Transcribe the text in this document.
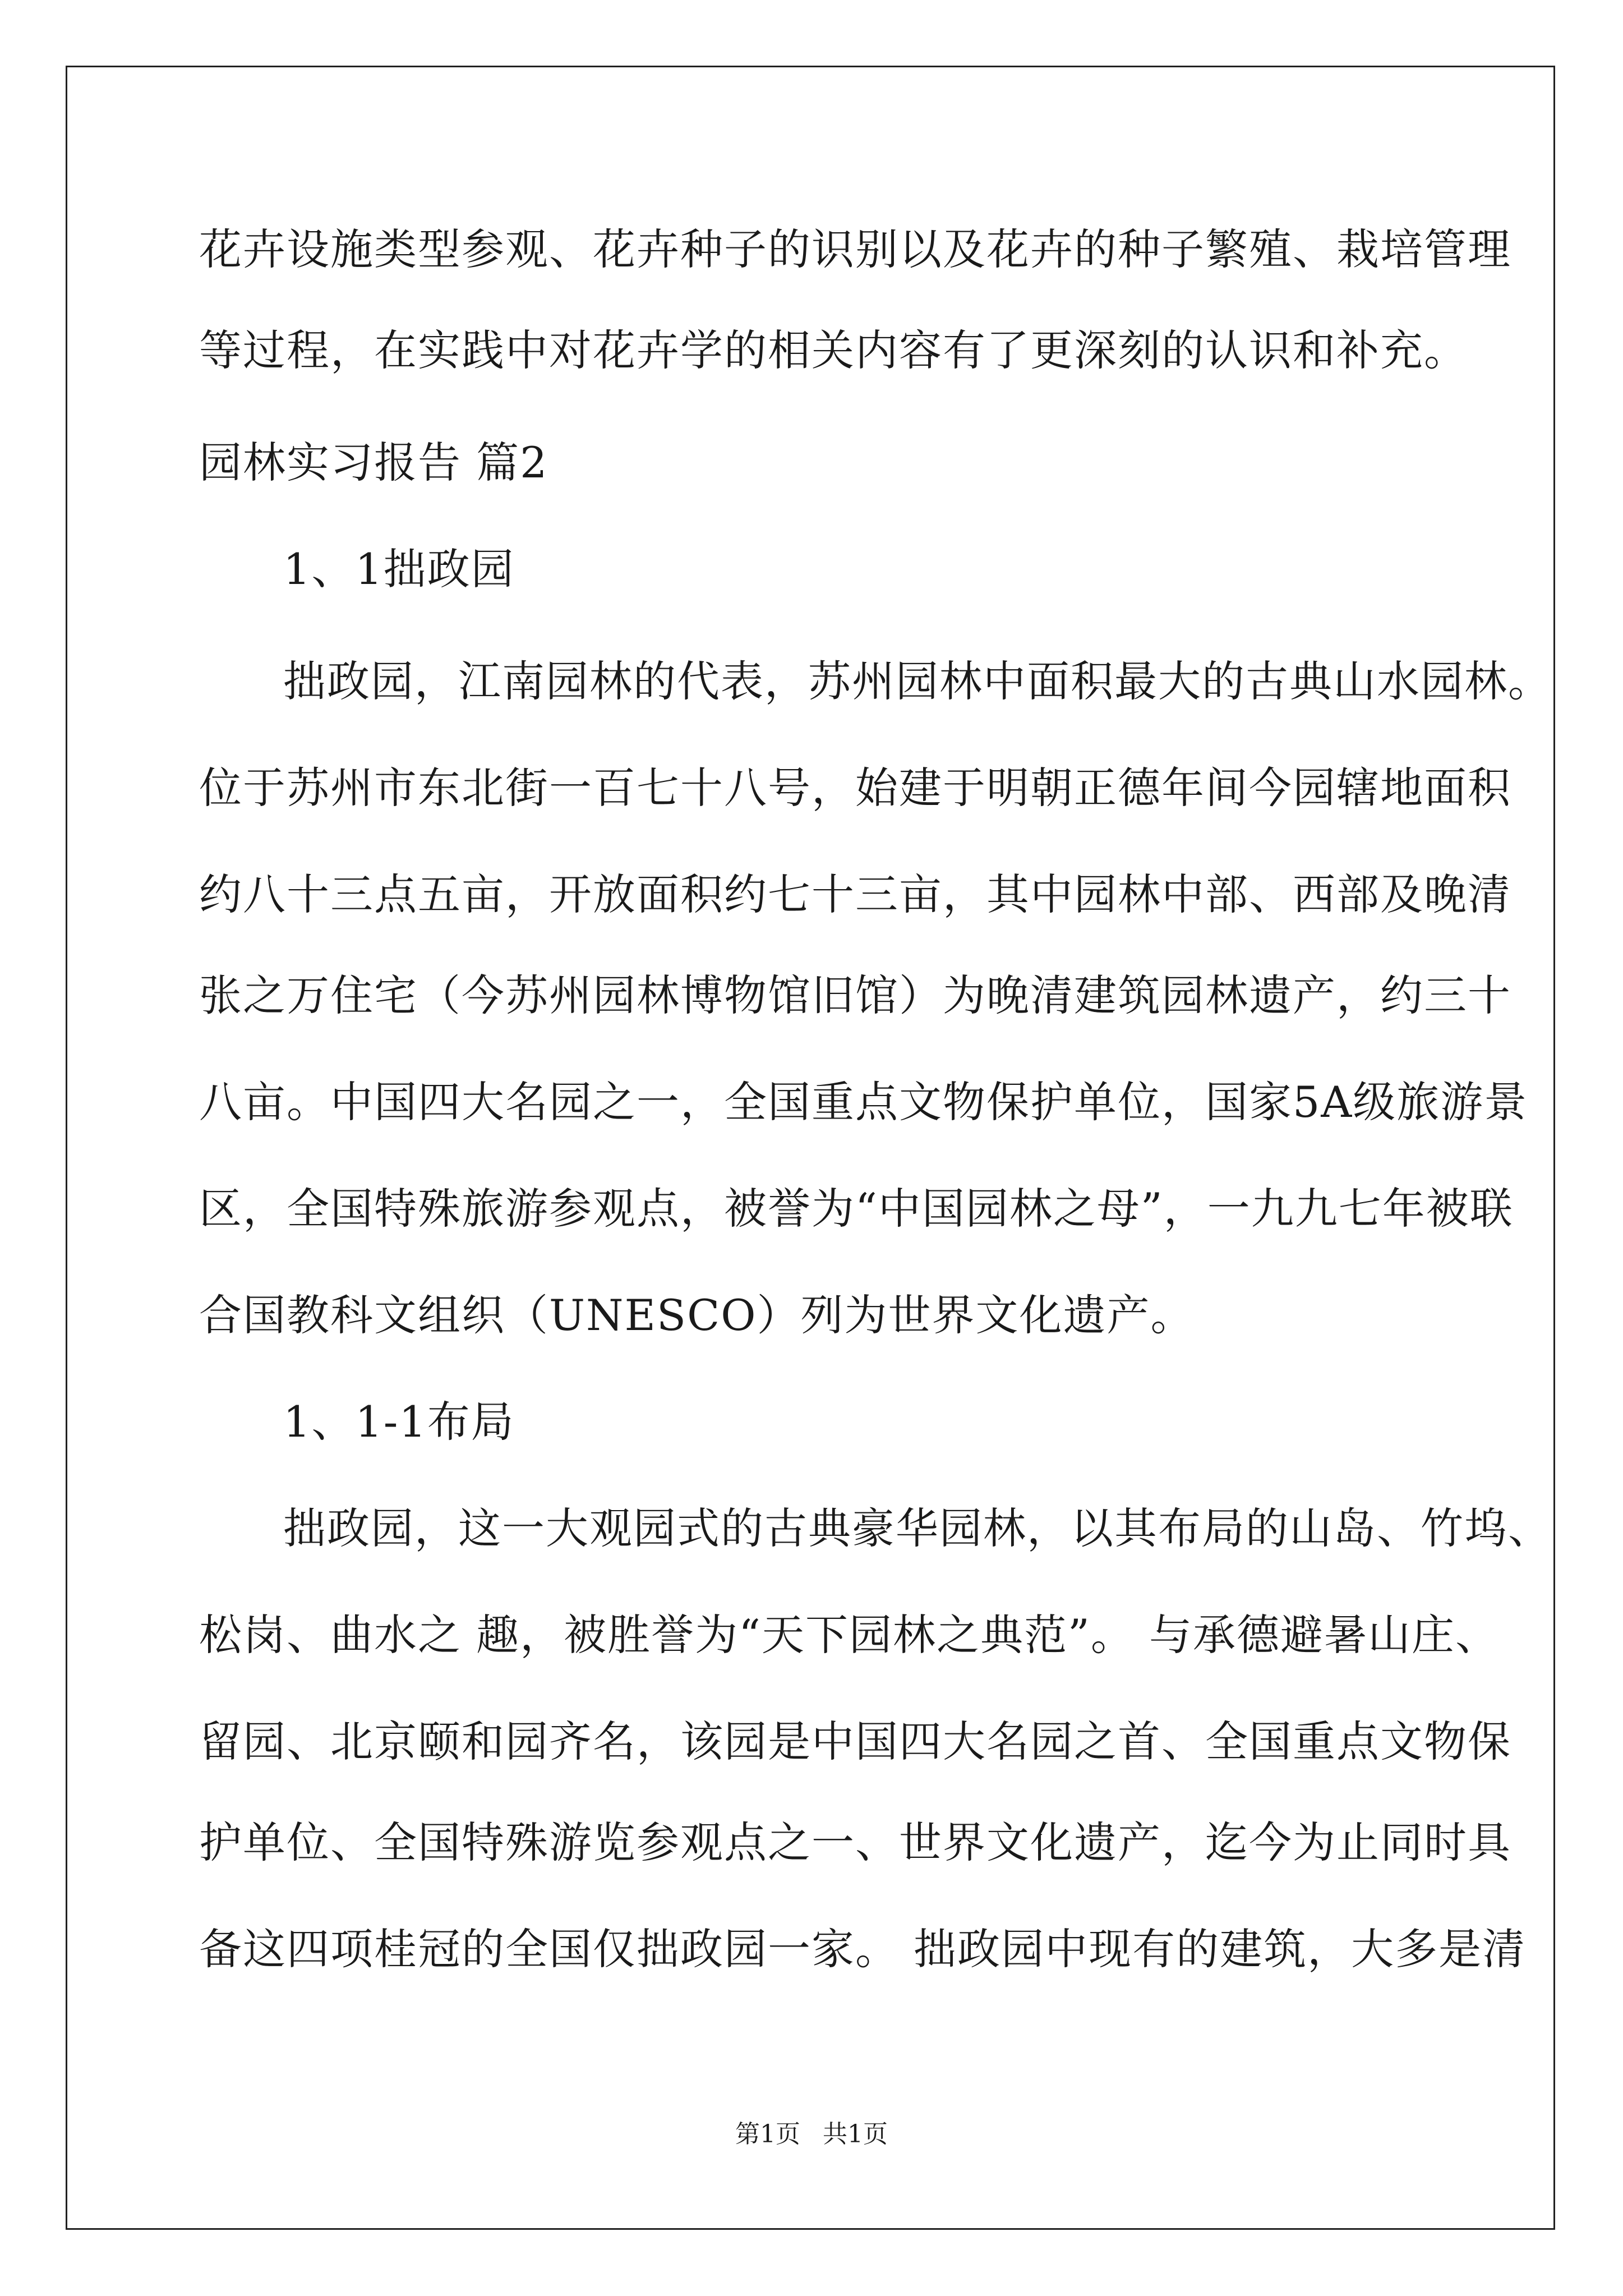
花卉设施类型参观、花卉种子的识别以及花卉的种子繁殖、栽培管理
等过程，在实践中对花卉学的相关内容有了更深刻的认识和补充。
园林实习报告 篇2
1、1拙政园
拙政园，江南园林的代表，苏州园林中面积最大的古典山水园林。
位于苏州市东北街一百七十八号，始建于明朝正德年间今园辖地面积
约八十三点五亩，开放面积约七十三亩，其中园林中部、西部及晚清
张之万住宅（今苏州园林博物馆旧馆）为晚清建筑园林遗产，约三十
八亩。中国四大名园之一，全国重点文物保护单位，国家5A级旅游景
区，全国特殊旅游参观点，被誉为“中国园林之母”，一九九七年被联
合国教科文组织（UNESCO）列为世界文化遗产。
1、1-1布局
拙政园，这一大观园式的古典豪华园林，以其布局的山岛、竹坞、
松岗、曲水之 趣，被胜誉为“天下园林之典范”。 与承德避暑山庄、
留园、北京颐和园齐名，该园是中国四大名园之首、全国重点文物保
护单位、全国特殊游览参观点之一、世界文化遗产，迄今为止同时具
备这四项桂冠的全国仅拙政园一家。 拙政园中现有的建筑，大多是清
第1页 共1页
